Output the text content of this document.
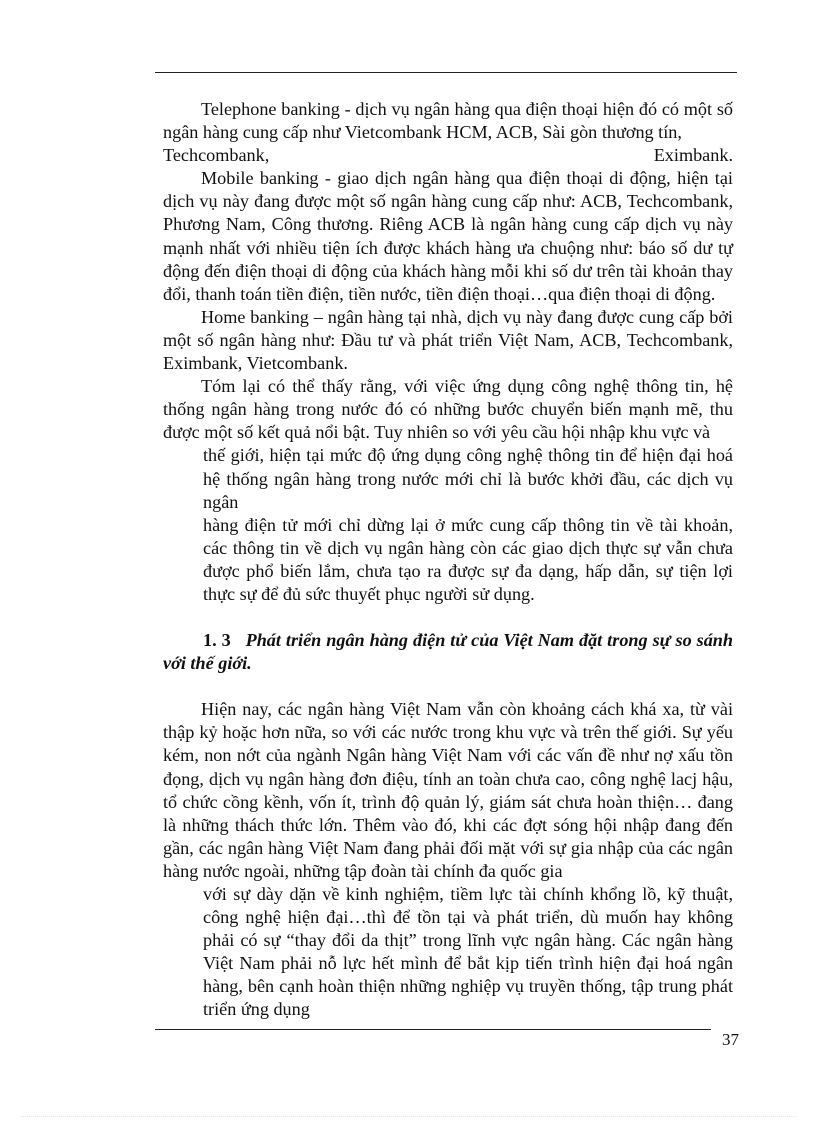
Telephone banking - dịch vụ ngân hàng qua điện thoại hiện đó có một số ngân hàng cung cấp như Vietcombank HCM, ACB, Sài gòn thương tín,

Techcombank,	Eximbank.

Mobile banking - giao dịch ngân hàng qua điện thoại di động, hiện tại dịch vụ này đang được một số ngân hàng cung cấp như: ACB, Techcombank, Phương Nam, Công thương. Riêng ACB là ngân hàng cung cấp dịch vụ này mạnh nhất với nhiều tiện ích được khách hàng ưa chuộng như: báo số dư tự động đến điện thoại di động của khách hàng mỗi khi số dư trên tài khoản thay đổi, thanh toán tiền điện, tiền nước, tiền điện thoại…qua điện thoại di động.

Home banking – ngân hàng tại nhà, dịch vụ này đang được cung cấp bởi một số ngân hàng như: Đầu tư và phát triển Việt Nam, ACB, Techcombank, Eximbank, Vietcombank.

Tóm lại có thể thấy rằng, với việc ứng dụng công nghệ thông tin, hệ thống ngân hàng trong nước đó có những bước chuyển biến mạnh mẽ, thu được một số kết quả nổi bật. Tuy nhiên so với yêu cầu hội nhập khu vực và

thế giới, hiện tại mức độ ứng dụng công nghệ thông tin để hiện đại hoá hệ thống ngân hàng trong nước mới chỉ là bước khởi đầu, các dịch vụ ngân

hàng điện tử mới chỉ dừng lại ở mức cung cấp thông tin về tài khoản, các thông tin về dịch vụ ngân hàng còn các giao dịch thực sự vẫn chưa được phổ biến lắm, chưa tạo ra được sự đa dạng, hấp dẫn, sự tiện lợi thực sự để đủ sức thuyết phục người sử dụng.

1. 3 Phát triển ngân hàng điện tử của Việt Nam đặt trong sự so sánh với thế giới.

Hiện nay, các ngân hàng Việt Nam vẫn còn khoảng cách khá xa, từ vài thập kỷ hoặc hơn nữa, so với các nước trong khu vực và trên thế giới. Sự yếu kém, non nớt của ngành Ngân hàng Việt Nam với các vấn đề như nợ xấu tồn đọng, dịch vụ ngân hàng đơn điệu, tính an toàn chưa cao, công nghệ lacj hậu, tổ chức cồng kềnh, vốn ít, trình độ quản lý, giám sát chưa hoàn thiện… đang là những thách thức lớn. Thêm vào đó, khi các đợt sóng hội nhập đang đến gần, các ngân hàng Việt Nam đang phải đối mặt với sự gia nhập của các ngân hàng nước ngoài, những tập đoàn tài chính đa quốc gia

với sự dày dặn về kinh nghiệm, tiềm lực tài chính khổng lồ, kỹ thuật, công nghệ hiện đại…thì để tồn tại và phát triển, dù muốn hay không phải có sự “thay đổi da thịt” trong lĩnh vực ngân hàng. Các ngân hàng Việt Nam phải nỗ lực hết mình để bắt kịp tiến trình hiện đại hoá ngân hàng, bên cạnh hoàn thiện những nghiệp vụ truyền thống, tập trung phát triển ứng dụng

37
